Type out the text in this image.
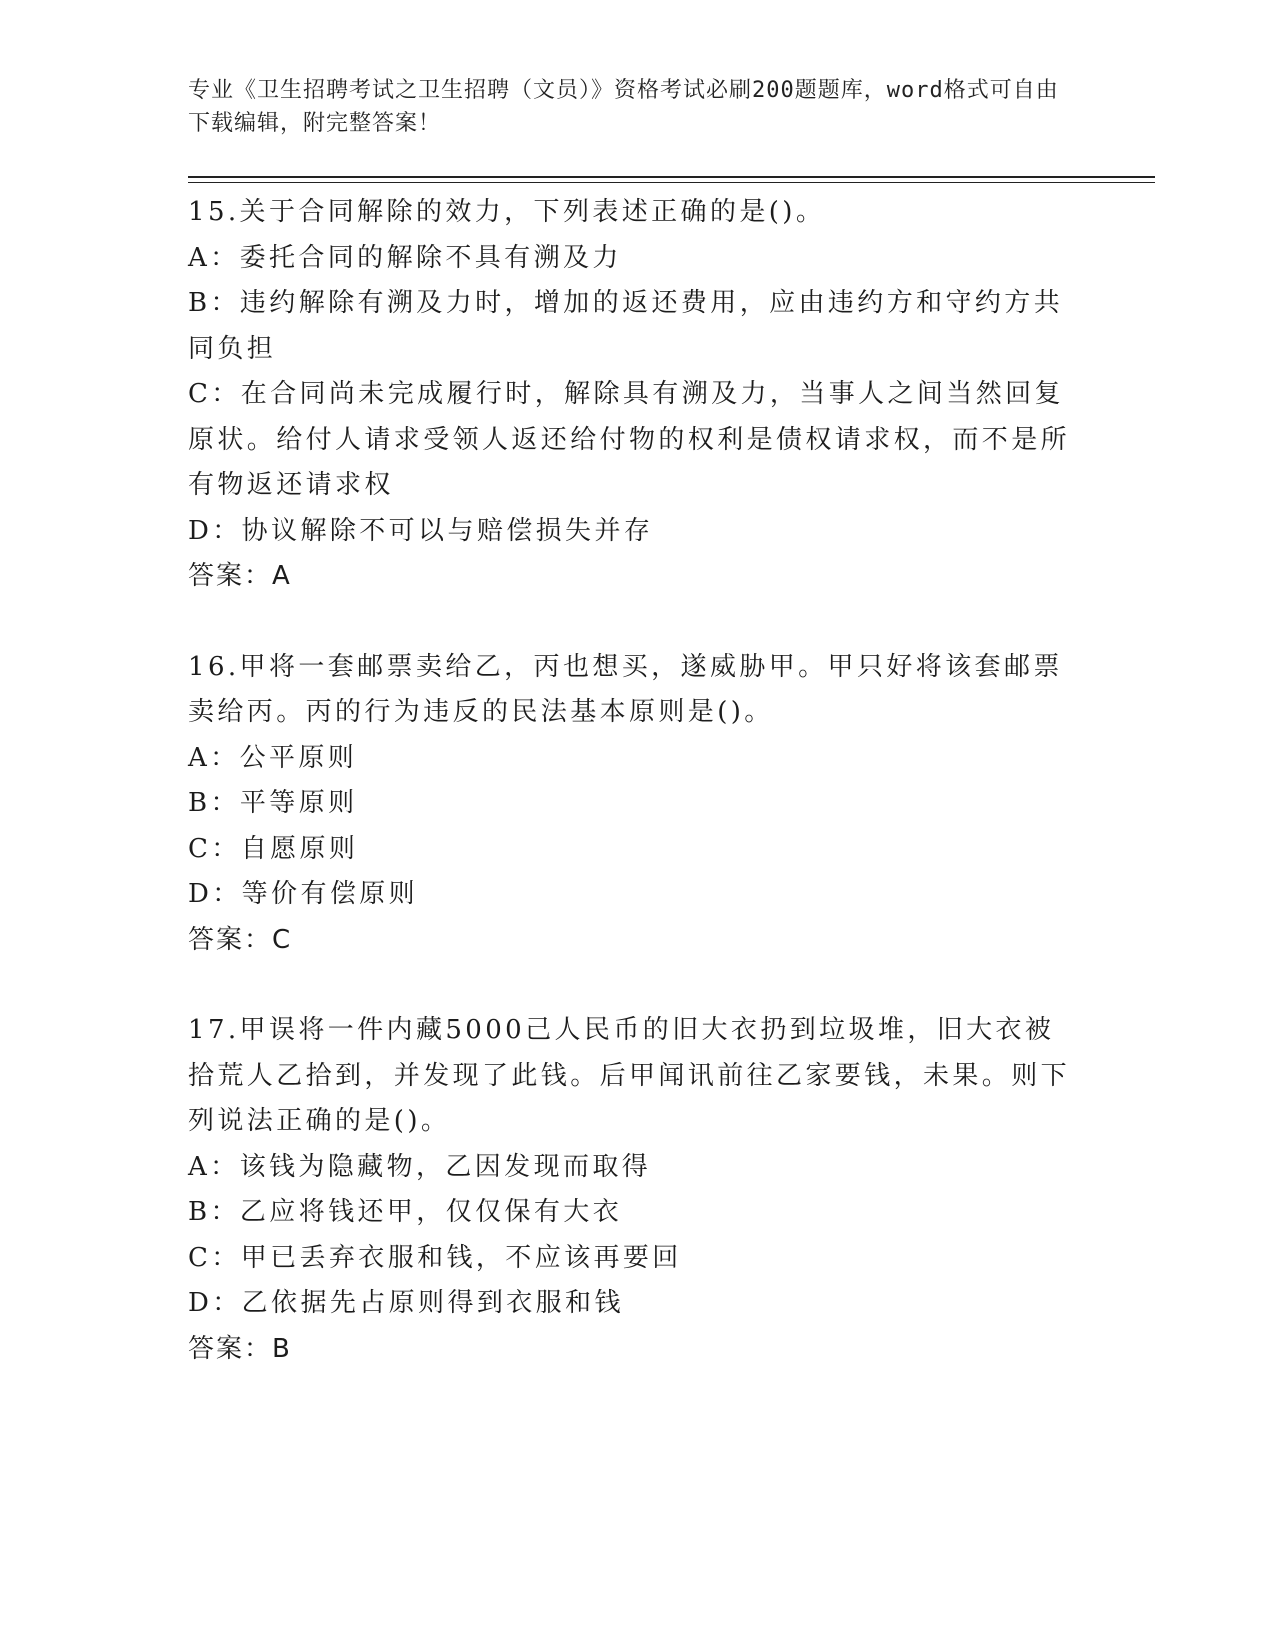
专业《卫生招聘考试之卫生招聘（文员）》资格考试必刷200题题库，word格式可自由下载编辑，附完整答案！
15.关于合同解除的效力，下列表述正确的是()。
A：委托合同的解除不具有溯及力
B：违约解除有溯及力时，增加的返还费用，应由违约方和守约方共同负担
C：在合同尚未完成履行时，解除具有溯及力，当事人之间当然回复原状。给付人请求受领人返还给付物的权利是债权请求权，而不是所有物返还请求权
D：协议解除不可以与赔偿损失并存
答案：A
16.甲将一套邮票卖给乙，丙也想买，遂威胁甲。甲只好将该套邮票卖给丙。丙的行为违反的民法基本原则是()。
A：公平原则
B：平等原则
C：自愿原则
D：等价有偿原则
答案：C
17.甲误将一件内藏5000己人民币的旧大衣扔到垃圾堆，旧大衣被拾荒人乙拾到，并发现了此钱。后甲闻讯前往乙家要钱，未果。则下列说法正确的是()。
A：该钱为隐藏物，乙因发现而取得
B：乙应将钱还甲，仅仅保有大衣
C：甲已丢弃衣服和钱，不应该再要回
D：乙依据先占原则得到衣服和钱
答案：B
